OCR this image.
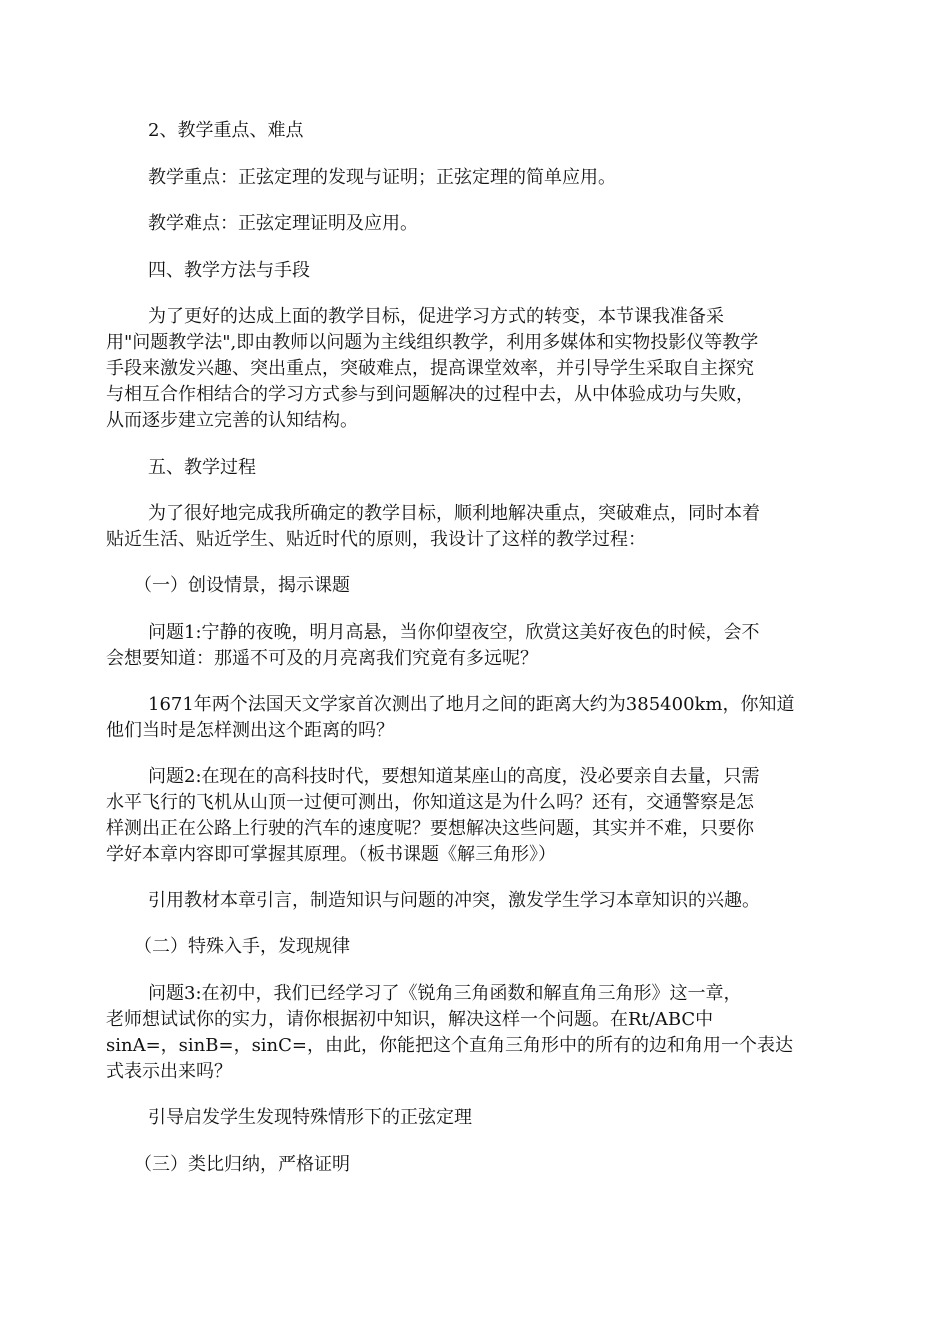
2、教学重点、难点
教学重点：正弦定理的发现与证明；正弦定理的简单应用。
教学难点：正弦定理证明及应用。
四、教学方法与手段
为了更好的达成上面的教学目标，促进学习方式的转变，本节课我准备采
用"问题教学法",即由教师以问题为主线组织教学，利用多媒体和实物投影仪等教学
手段来激发兴趣、突出重点，突破难点，提高课堂效率，并引导学生采取自主探究
与相互合作相结合的学习方式参与到问题解决的过程中去，从中体验成功与失败，
从而逐步建立完善的认知结构。
五、教学过程
为了很好地完成我所确定的教学目标，顺利地解决重点，突破难点，同时本着
贴近生活、贴近学生、贴近时代的原则，我设计了这样的教学过程：
（一）创设情景，揭示课题
问题1:宁静的夜晚，明月高悬，当你仰望夜空，欣赏这美好夜色的时候，会不
会想要知道：那遥不可及的月亮离我们究竟有多远呢？
1671年两个法国天文学家首次测出了地月之间的距离大约为385400km，你知道
他们当时是怎样测出这个距离的吗？
问题2:在现在的高科技时代，要想知道某座山的高度，没必要亲自去量，只需
水平飞行的飞机从山顶一过便可测出，你知道这是为什么吗？还有，交通警察是怎
样测出正在公路上行驶的汽车的速度呢？要想解决这些问题，其实并不难，只要你
学好本章内容即可掌握其原理。（板书课题《解三角形》）
引用教材本章引言，制造知识与问题的冲突，激发学生学习本章知识的兴趣。
（二）特殊入手，发现规律
问题3:在初中，我们已经学习了《锐角三角函数和解直角三角形》这一章，
老师想试试你的实力，请你根据初中知识，解决这样一个问题。在Rt/ABC中
sinA=，sinB=，sinC=，由此，你能把这个直角三角形中的所有的边和角用一个表达
式表示出来吗？
引导启发学生发现特殊情形下的正弦定理
（三）类比归纳，严格证明
